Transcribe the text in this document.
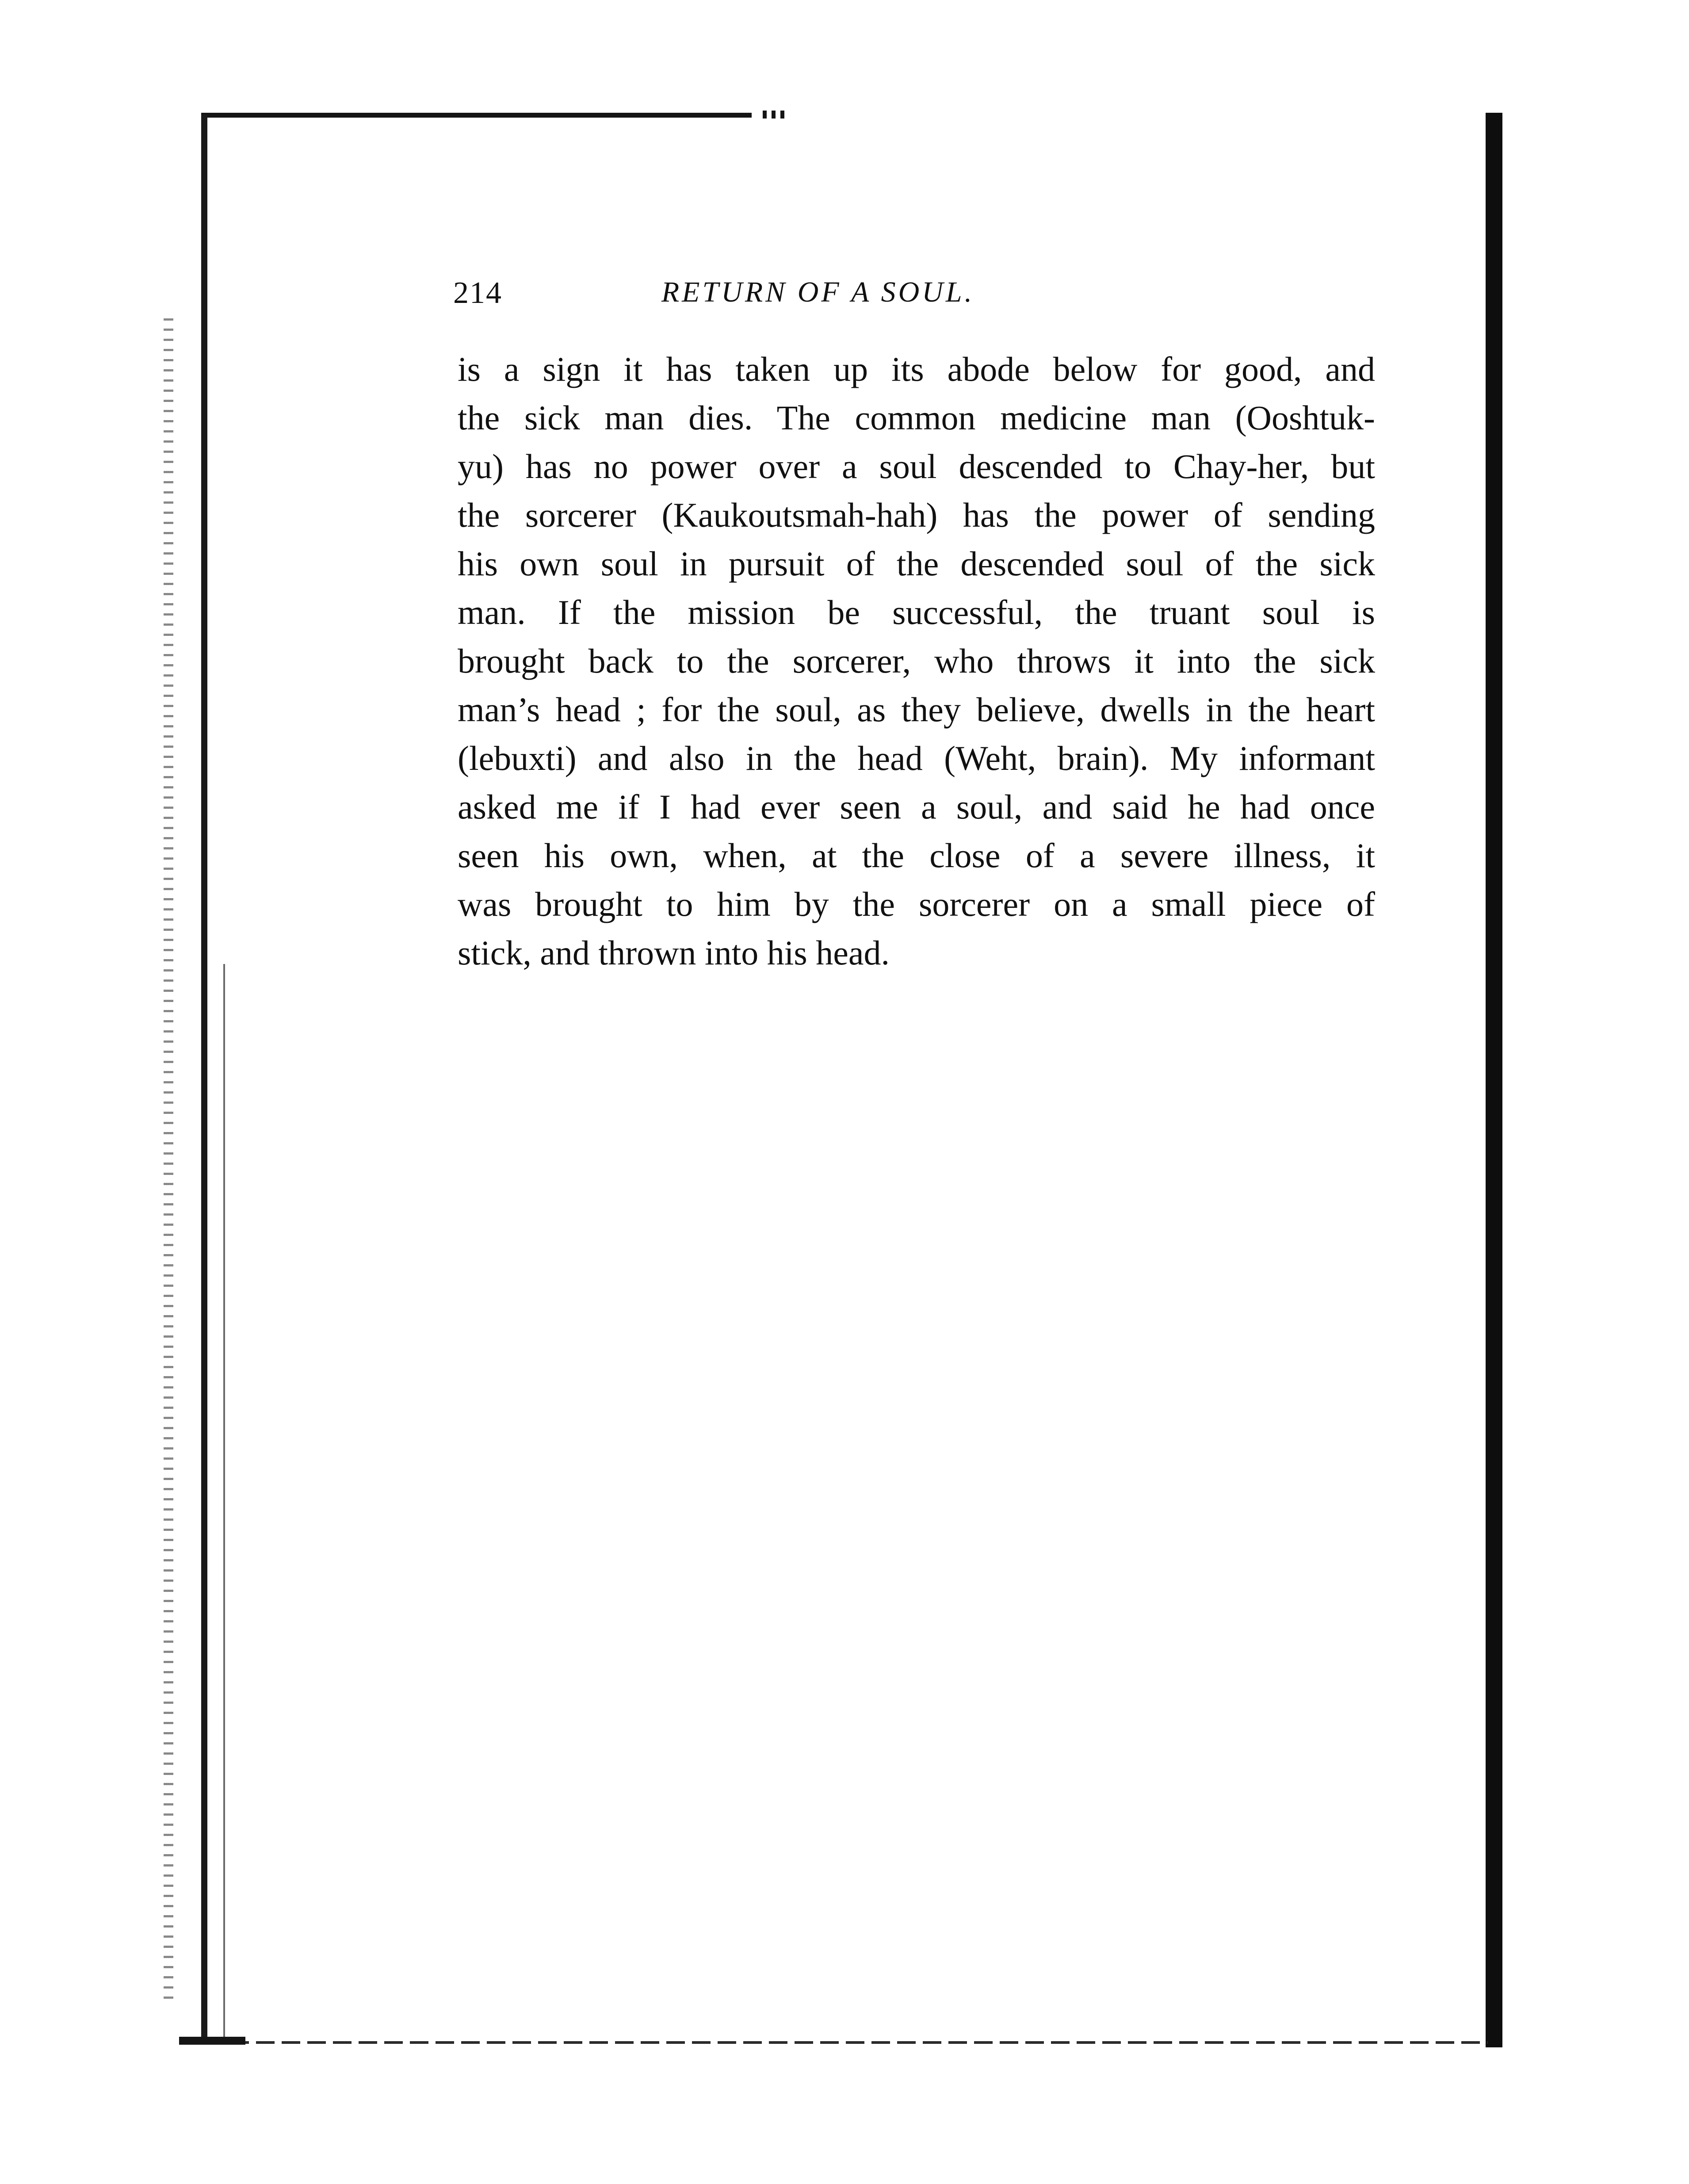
214	RETURN OF A SOUL.
is a sign it has taken up its abode below for good, and
the sick man dies. The common medicine man (Ooshtuk-
yu) has no power over a soul descended to Chay-her, but
the sorcerer (Kaukoutsmah-hah) has the power of sending
his own soul in pursuit of the descended soul of the sick
man. If the mission be successful, the truant soul is
brought back to the sorcerer, who throws it into the sick
man’s head ; for the soul, as they believe, dwells in the heart
(lebuxti) and also in the head (Weht, brain). My informant
asked me if I had ever seen a soul, and said he had once
seen his own, when, at the close of a severe illness, it
was brought to him by the sorcerer on a small piece of
stick, and thrown into his head.
